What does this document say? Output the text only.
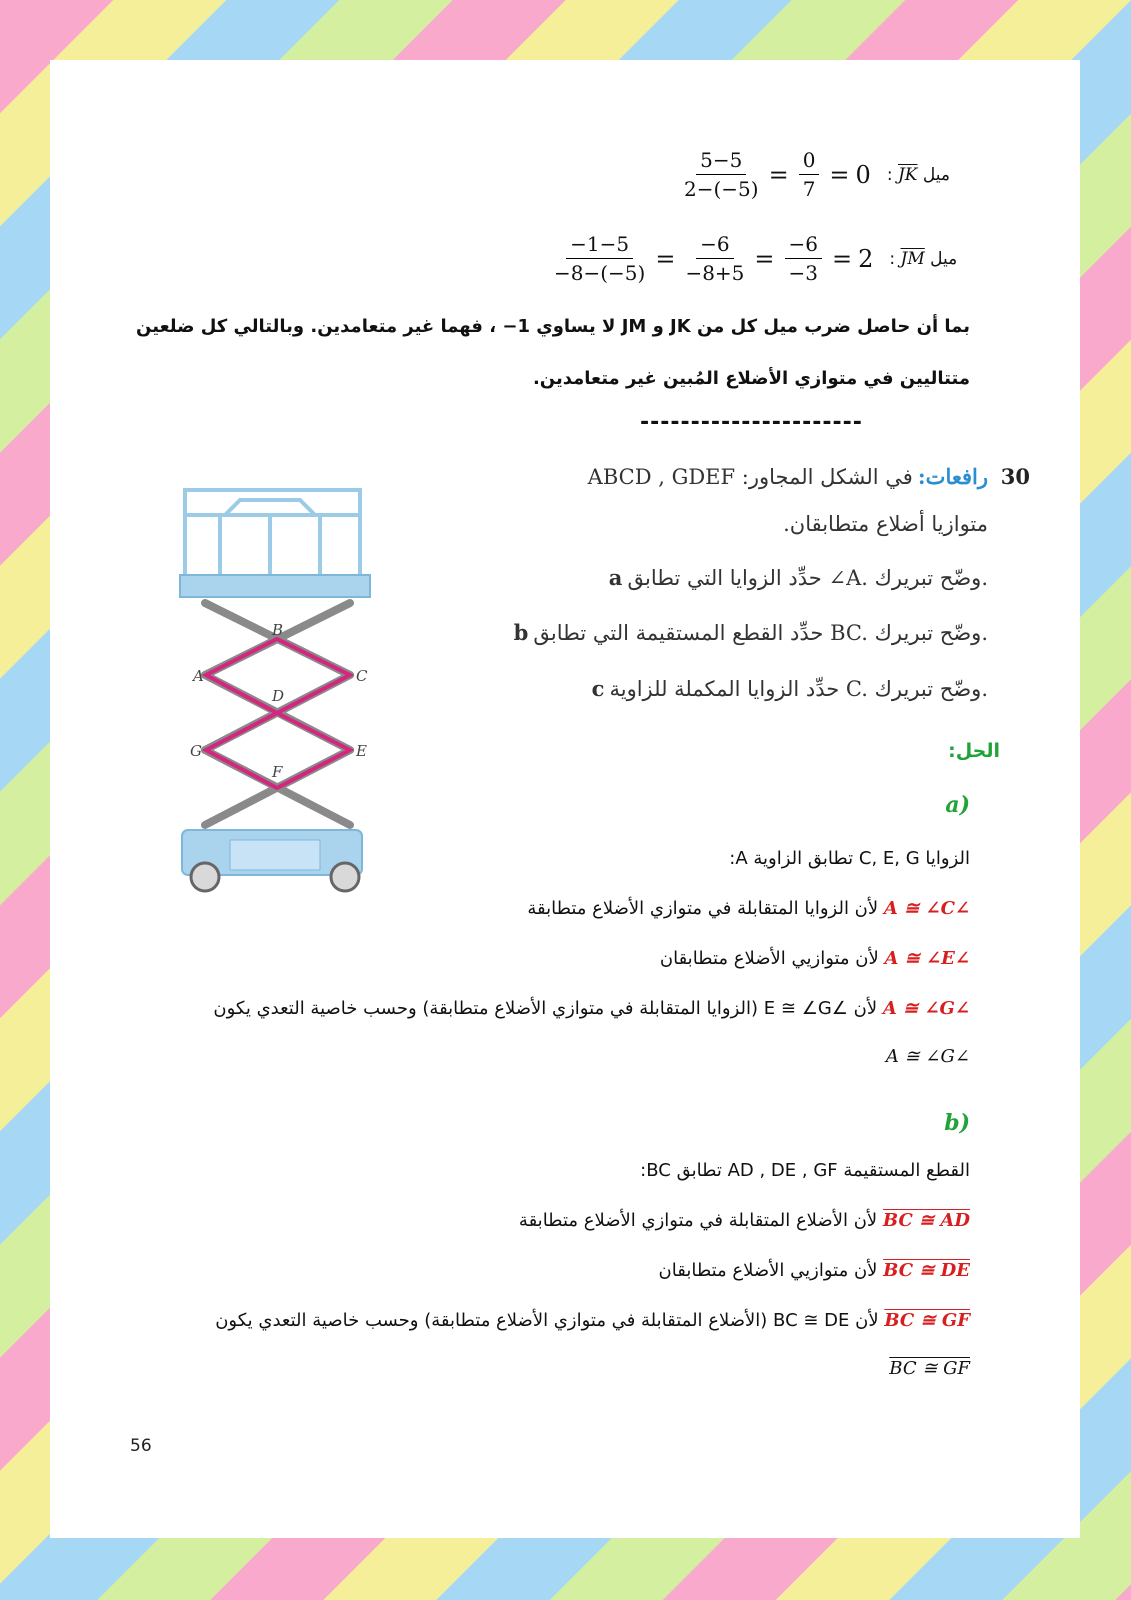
$\frac{5-5}{2-(-5)} = \frac{0}{7} = 0$ : $\overline{JK}$ ميل
$\frac{-1-5}{-8-(-5)} = \frac{-6}{-8+5} = \frac{-6}{-3} = 2$ : $\overline{JM}$ ميل
بما أن حاصل ضرب ميل كل من JK و JM لا يساوي 1− ، فهما غير متعامدين. وبالتالي كل ضلعين
متتاليين في متوازي الأضلاع المُبين غير متعامدين.
----------------------
30
رافعات: في الشكل المجاور: ABCD , GDEF
متوازيا أضلاع متطابقان.
a حدِّد الزوايا التي تطابق ∠A. وضّح تبريرك.
b حدِّد القطع المستقيمة التي تطابق BC. وضّح تبريرك.
c حدِّد الزوايا المكملة للزاوية C. وضّح تبريرك.
A
B
C
D
E
F
G	الحل:
a)
الزوايا C, E, G تطابق الزاوية A:
∠A ≅ ∠C لأن الزوايا المتقابلة في متوازي الأضلاع متطابقة
∠A ≅ ∠E لأن متوازيي الأضلاع متطابقان
∠A ≅ ∠G لأن ∠E ≅ ∠G (الزوايا المتقابلة في متوازي الأضلاع متطابقة) وحسب خاصية التعدي يكون
∠A ≅ ∠G
b)
القطع المستقيمة AD , DE , GF تطابق BC:
BC ≅ AD لأن الأضلاع المتقابلة في متوازي الأضلاع متطابقة
BC ≅ DE لأن متوازيي الأضلاع متطابقان
BC ≅ GF لأن BC ≅ DE (الأضلاع المتقابلة في متوازي الأضلاع متطابقة) وحسب خاصية التعدي يكون
BC ≅ GF
56
